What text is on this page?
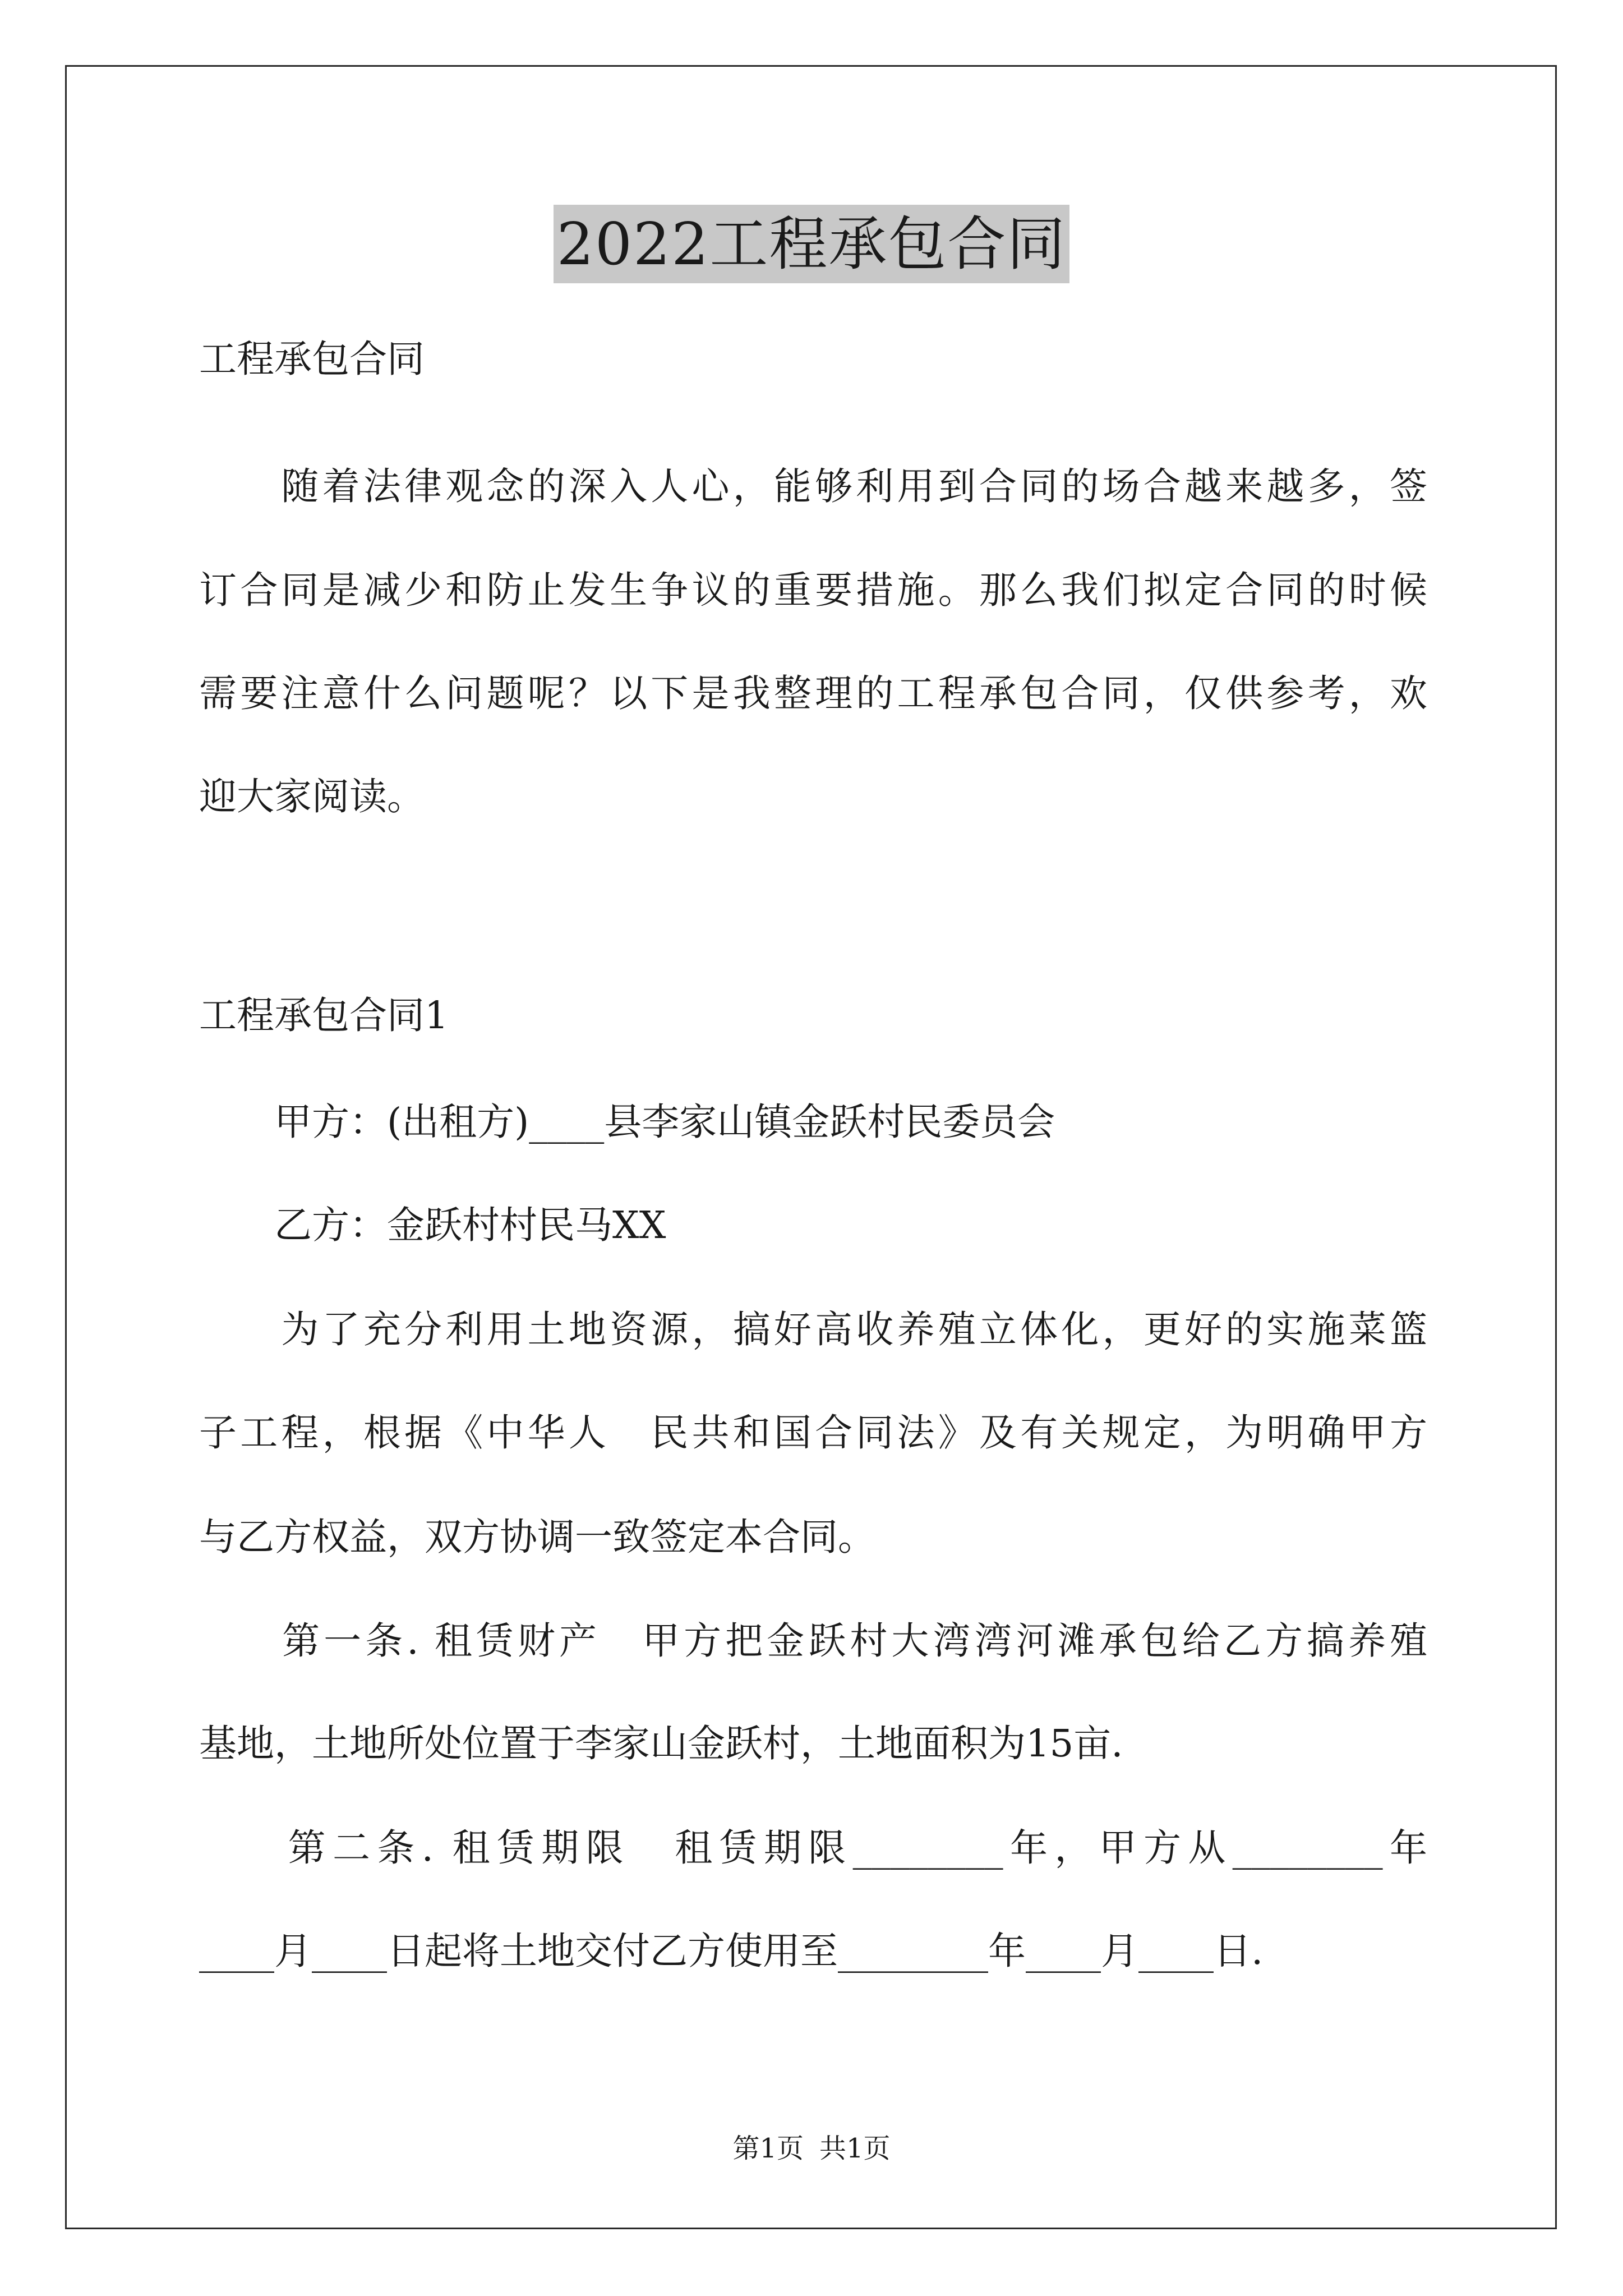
2022工程承包合同
工程承包合同
　　随着法律观念的深入人心，能够利用到合同的场合越来越多，签
订合同是减少和防止发生争议的重要措施。那么我们拟定合同的时候
需要注意什么问题呢？以下是我整理的工程承包合同，仅供参考，欢
迎大家阅读。
工程承包合同1
　　甲方：(出租方)____县李家山镇金跃村民委员会
　　乙方：金跃村村民马XX
　　为了充分利用土地资源，搞好高收养殖立体化，更好的实施菜篮
子工程，根据《中华人　民共和国合同法》及有关规定，为明确甲方
与乙方权益，双方协调一致签定本合同。
　　第一条. 租赁财产　甲方把金跃村大湾湾河滩承包给乙方搞养殖
基地，土地所处位置于李家山金跃村，土地面积为15亩.
　　第二条. 租赁期限　租赁期限________年，甲方从________年
____月____日起将土地交付乙方使用至________年____月____日.
第1页 共1页
